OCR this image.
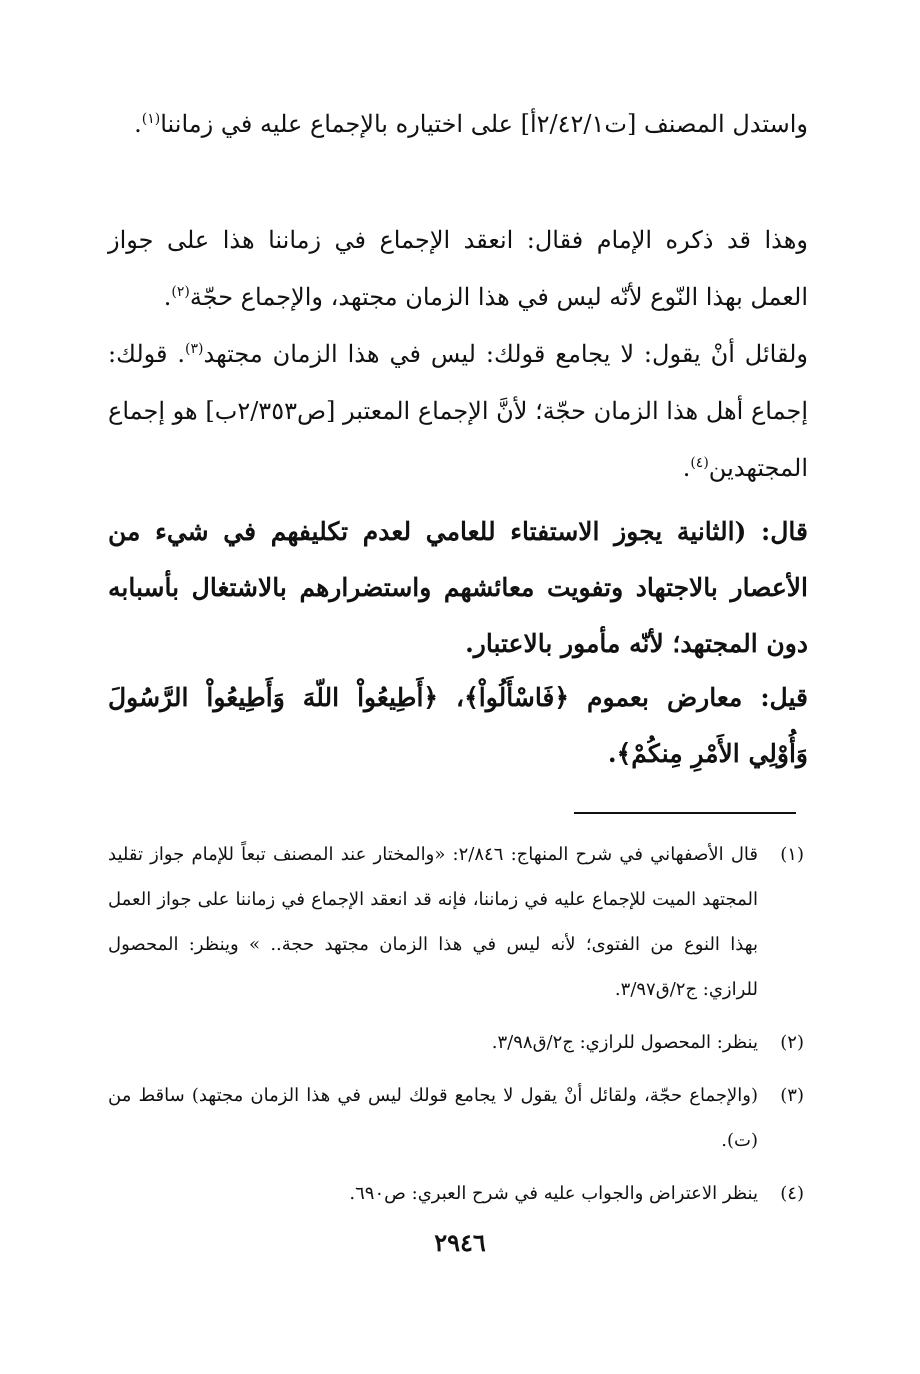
واستدل المصنف [ت٢/٤٢/١أ] على اختياره بالإجماع عليه في زماننا$^{(١)}$.

وهذا قد ذكره الإمام فقال: انعقد الإجماع في زماننا هذا على جواز العمل بهذا النّوع لأنّه ليس في هذا الزمان مجتهد، والإجماع حجّة$^{(٢)}$.

ولقائل أنْ يقول: لا يجامع قولك: ليس في هذا الزمان مجتهد$^{(٣)}$. قولك: إجماع أهل هذا الزمان حجّة؛ لأنَّ الإجماع المعتبر [ص٢/٣٥٣ب] هو إجماع المجتهدين$^{(٤)}$.

قال: (الثانية يجوز الاستفتاء للعامي لعدم تكليفهم في شيء من الأعصار بالاجتهاد وتفويت معائشهم واستضرارهم بالاشتغال بأسبابه دون المجتهد؛ لأنّه مأمور بالاعتبار.

قيل: معارض بعموم ﴿فَاسْأَلُواْ﴾، ﴿أَطِيعُواْ اللّهَ وَأَطِيعُواْ الرَّسُولَ وَأُوْلِي الأَمْرِ مِنكُمْ﴾.

(١)
قال الأصفهاني في شرح المنهاج: ٢/٨٤٦: «والمختار عند المصنف تبعاً للإمام جواز تقليد المجتهد الميت للإجماع عليه في زماننا، فإنه قد انعقد الإجماع في زماننا على جواز العمل بهذا النوع من الفتوى؛ لأنه ليس في هذا الزمان مجتهد حجة.. » وينظر: المحصول للرازي: ج٢/ق٣/٩٧.

(٢)
ينظر: المحصول للرازي: ج٢/ق٣/٩٨.

(٣)
(والإجماع حجّة، ولقائل أنْ يقول لا يجامع قولك ليس في هذا الزمان مجتهد) ساقط من (ت).

(٤)
ينظر الاعتراض والجواب عليه في شرح العبري: ص٦٩٠.

٢٩٤٦
